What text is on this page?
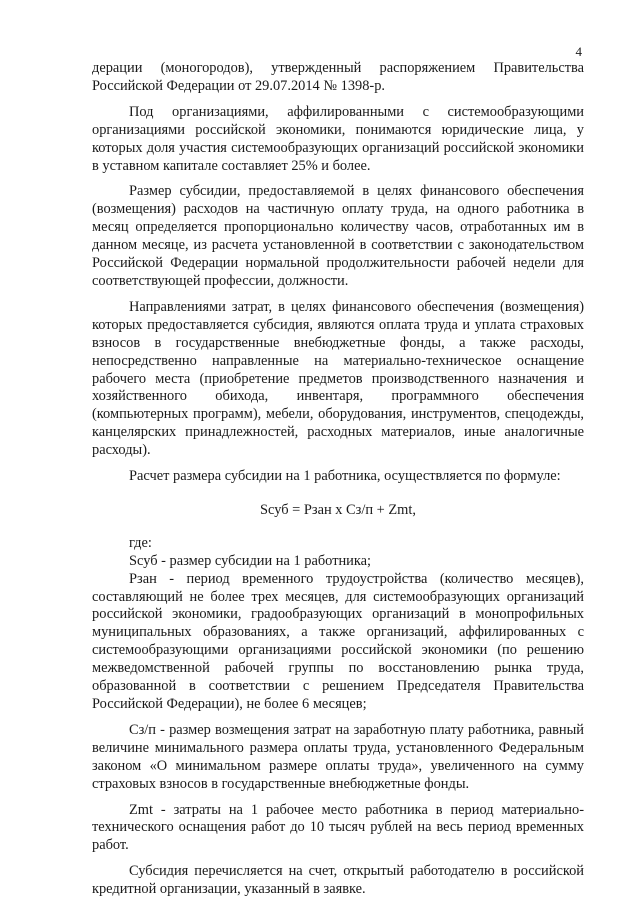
4

дерации (моногородов), утвержденный распоряжением Правительства Российской Федерации от 29.07.2014 № 1398-р.

Под организациями, аффилированными с системообразующими организациями российской экономики, понимаются юридические лица, у которых доля участия системообразующих организаций российской экономики в уставном капитале составляет 25% и более.

Размер субсидии, предоставляемой в целях финансового обеспечения (возмещения) расходов на частичную оплату труда, на одного работника в месяц определяется пропорционально количеству часов, отработанных им в данном месяце, из расчета установленной в соответствии с законодательством Российской Федерации нормальной продолжительности рабочей недели для соответствующей профессии, должности.

Направлениями затрат, в целях финансового обеспечения (возмещения) которых предоставляется субсидия, являются оплата труда и уплата страховых взносов в государственные внебюджетные фонды, а также расходы, непосредственно направленные на материально-техническое оснащение рабочего места (приобретение предметов производственного назначения и хозяйственного обихода, инвентаря, программного обеспечения (компьютерных программ), мебели, оборудования, инструментов, спецодежды, канцелярских принадлежностей, расходных материалов, иные аналогичные расходы).

Расчет размера субсидии на 1 работника, осуществляется по формуле:

Sсуб = Рзан х Сз/п + Zmt,

где:

Sсуб - размер субсидии на 1 работника;

Рзан - период временного трудоустройства (количество месяцев), составляющий не более трех месяцев, для системообразующих организаций российской экономики, градообразующих организаций в монопрофильных муниципальных образованиях, а также организаций, аффилированных с системообразующими организациями российской экономики (по решению межведомственной рабочей группы по восстановлению рынка труда, образованной в соответствии с решением Председателя Правительства Российской Федерации), не более 6 месяцев;

Сз/п - размер возмещения затрат на заработную плату работника, равный величине минимального размера оплаты труда, установленного Федеральным законом «О минимальном размере оплаты труда», увеличенного на сумму страховых взносов в государственные внебюджетные фонды.

Zmt - затраты на 1 рабочее место работника в период материально-технического оснащения работ до 10 тысяч рублей на весь период временных работ.

Субсидия перечисляется на счет, открытый работодателю в российской кредитной организации, указанный в заявке.
